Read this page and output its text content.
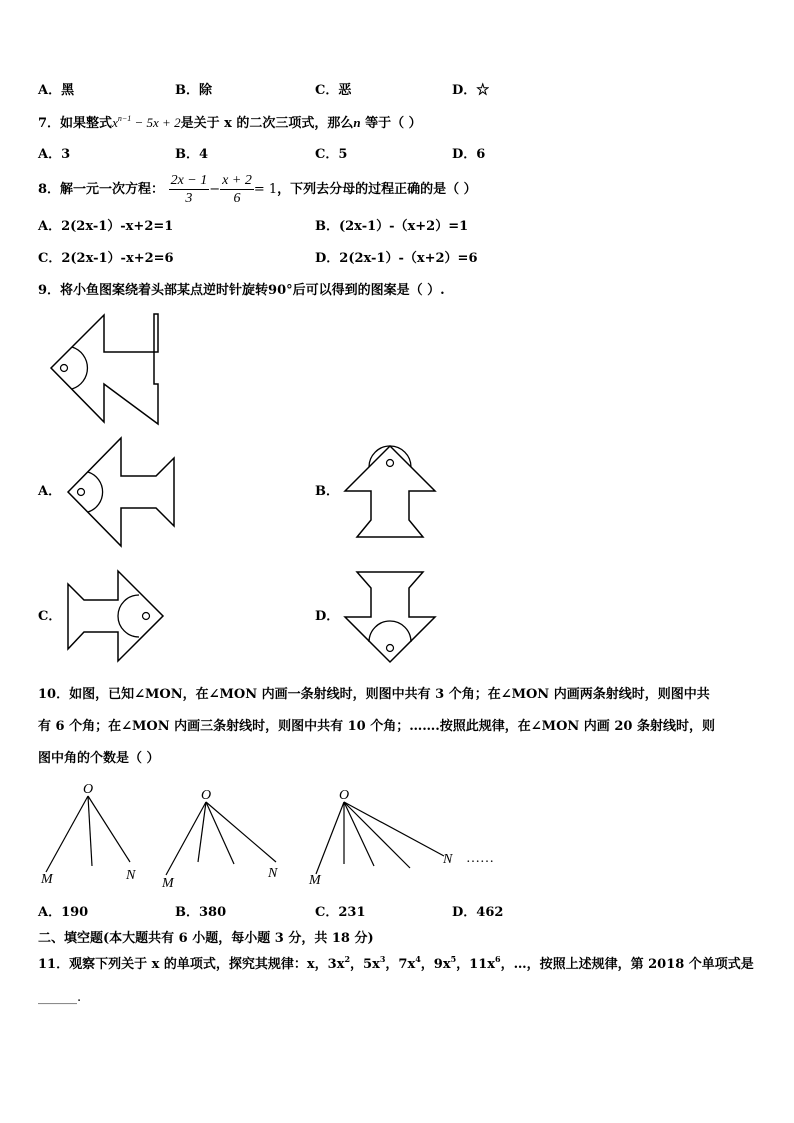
A．黑	B．除	C．恶	D．☆
7．如果整式$x^{n-1} - 5x + 2$是关于 x 的二次三项式，那么n 等于（ ）
A．3	B．4	C．5	D．6
8．解一元一次方程： $\frac{2x - 1}{3} - \frac{x + 2}{6} = 1$，下列去分母的过程正确的是（ ）
A．2(2x-1）-x+2=1	B．(2x-1）-（x+2）=1
C．2(2x-1）-x+2=6	D．2(2x-1）-（x+2）=6
9．将小鱼图案绕着头部某点逆时针旋转90°后可以得到的图案是（ ）.
A．	B．
C．	D．
10．如图，已知∠MON，在∠MON 内画一条射线时，则图中共有 3 个角；在∠MON 内画两条射线时，则图中共
有 6 个角；在∠MON 内画三条射线时，则图中共有 10 个角；…….按照此规律，在∠MON 内画 20 条射线时，则
图中角的个数是（ ）
O
M	N
O
M
N
O
M
N ……
A．190	B．380	C．231	D．462
二、填空题(本大题共有 6 小题，每小题 3 分，共 18 分)
11．观察下列关于 x 的单项式，探究其规律：x，$3x^2$，$5x^3$，$7x^4$，$9x^5$，$11x^6$，…，按照上述规律，第 2018 个单项式是
______.
